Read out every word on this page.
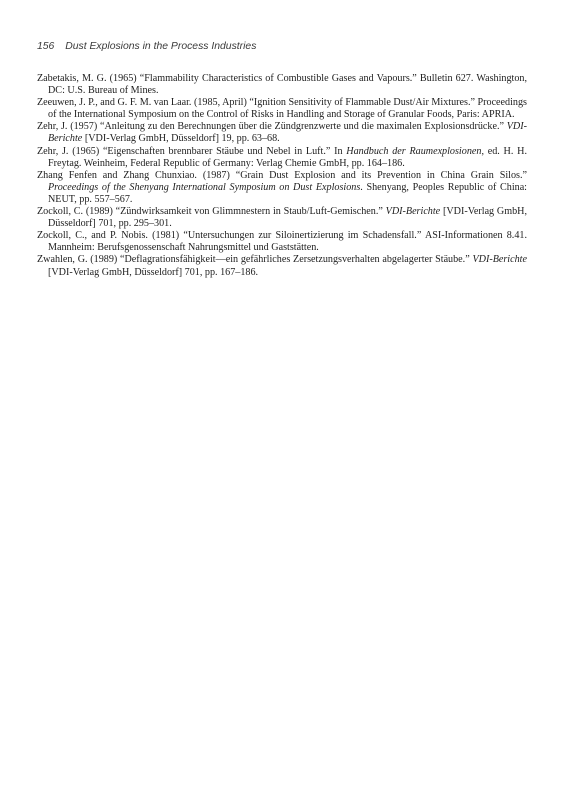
156 Dust Explosions in the Process Industries

Zabetakis, M. G. (1965) “Flammability Characteristics of Combustible Gases and Vapours.” Bulletin 627. Washington, DC: U.S. Bureau of Mines.

Zeeuwen, J. P., and G. F. M. van Laar. (1985, April) “Ignition Sensitivity of Flammable Dust/Air Mixtures.” Proceedings of the International Symposium on the Control of Risks in Handling and Storage of Granular Foods, Paris: APRIA.

Zehr, J. (1957) “Anleitung zu den Berechnungen über die Zündgrenzwerte und die maximalen Explosionsdrücke.” VDI-Berichte [VDI-Verlag GmbH, Düsseldorf] 19, pp. 63–68.

Zehr, J. (1965) “Eigenschaften brennbarer Stäube und Nebel in Luft.” In Handbuch der Raumexplosionen, ed. H. H. Freytag. Weinheim, Federal Republic of Germany: Verlag Chemie GmbH, pp. 164–186.

Zhang Fenfen and Zhang Chunxiao. (1987) “Grain Dust Explosion and its Prevention in China Grain Silos.” Proceedings of the Shenyang International Symposium on Dust Explosions. Shenyang, Peoples Republic of China: NEUT, pp. 557–567.

Zockoll, C. (1989) “Zündwirksamkeit von Glimmnestern in Staub/Luft-Gemischen.” VDI-Berichte [VDI-Verlag GmbH, Düsseldorf] 701, pp. 295–301.

Zockoll, C., and P. Nobis. (1981) “Untersuchungen zur Siloinertizierung im Schadensfall.” ASI-Informationen 8.41. Mannheim: Berufsgenossenschaft Nahrungsmittel und Gaststätten.

Zwahlen, G. (1989) “Deflagrationsfähigkeit—ein gefährliches Zersetzungsverhalten abgelagerter Stäube.” VDI-Berichte [VDI-Verlag GmbH, Düsseldorf] 701, pp. 167–186.
